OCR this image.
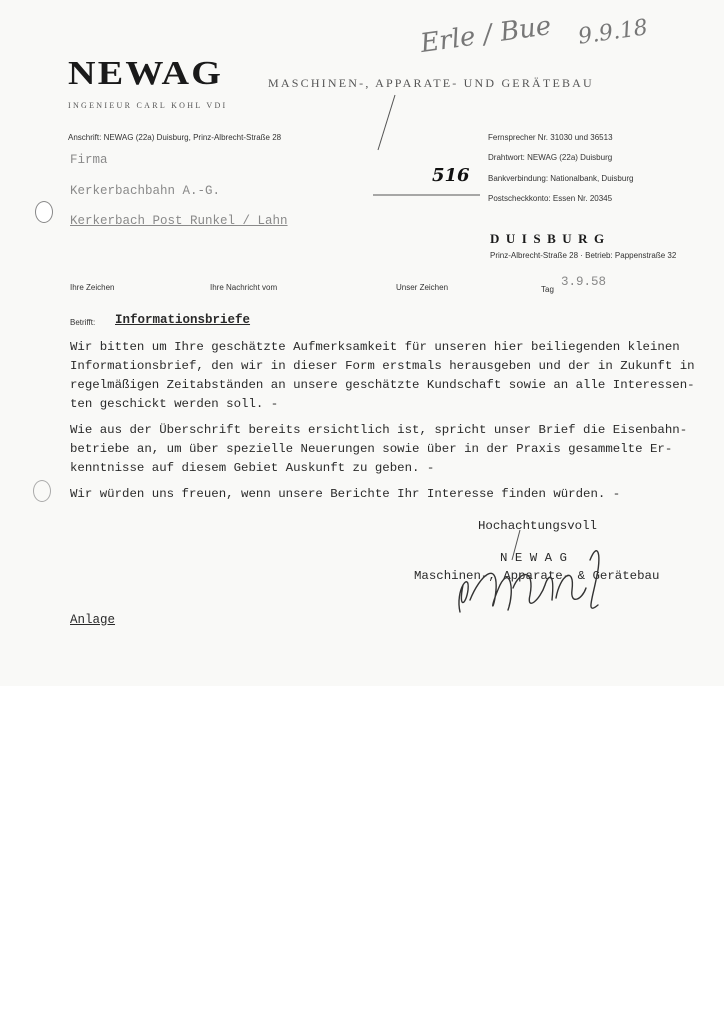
NEWAG	MASCHINEN-, APPARATE- UND GERÄTEBAU
INGENIEUR CARL KOHL VDI
Anschrift: NEWAG (22a) Duisburg, Prinz-Albrecht-Straße 28	Fernsprecher Nr. 31030 und 36513
Drahtwort: NEWAG (22a) Duisburg
Bankverbindung: Nationalbank, Duisburg
Postscheckkonto: Essen Nr. 20345
DUISBURG
Prinz-Albrecht-Straße 28 · Betrieb: Pappenstraße 32
Firma
Kerkerbachbahn A.-G.
Kerkerbach Post Runkel / Lahn
Erle / Bue 9.9.18
516
Ihre Zeichen	Ihre Nachricht vom	Unser Zeichen	Tag
3.9.58
Betrifft: Informationsbriefe
Wir bitten um Ihre geschätzte Aufmerksamkeit für unseren hier beiliegenden kleinen
Informationsbrief, den wir in dieser Form erstmals herausgeben und der in Zukunft in
regelmäßigen Zeitabständen an unsere geschätzte Kundschaft sowie an alle Interessen-
ten geschickt werden soll. -
Wie aus der Überschrift bereits ersichtlich ist, spricht unser Brief die Eisenbahn-
betriebe an, um über spezielle Neuerungen sowie über in der Praxis gesammelte Er-
kenntnisse auf diesem Gebiet Auskunft zu geben. -
Wir würden uns freuen, wenn unsere Berichte Ihr Interesse finden würden. -
Hochachtungsvoll
N E W A G
Maschinen-, Apparate- & Gerätebau
Anlage
